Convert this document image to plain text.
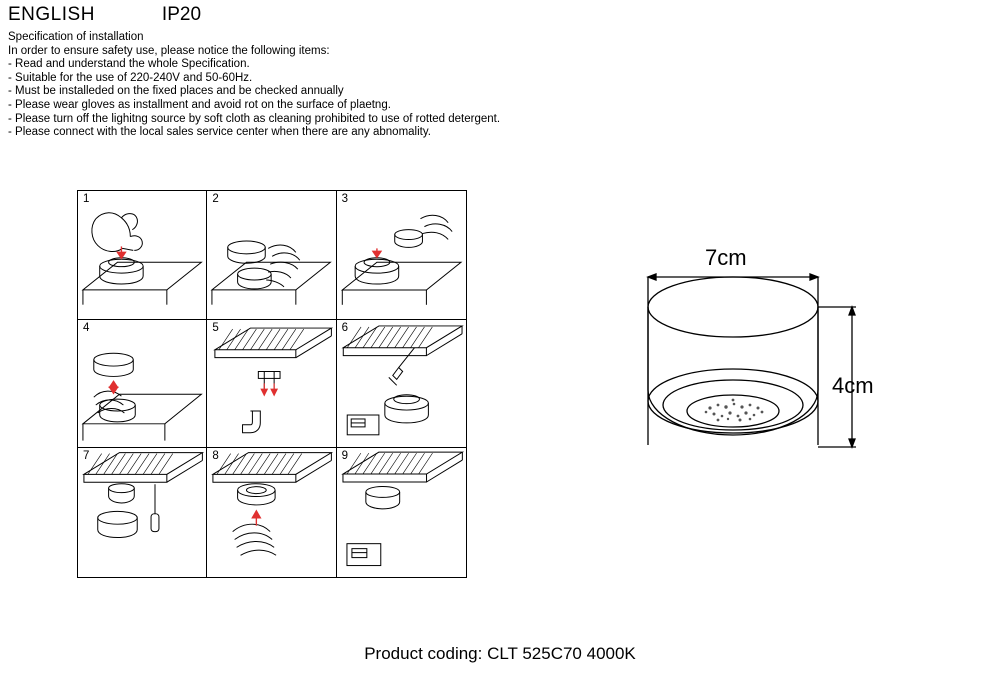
ENGLISH	IP20
Specification of installation
In order to ensure safety use, please notice the following items:
- Read and understand the whole Specification.
- Suitable for the use of 220-240V and 50-60Hz.
- Must be installeded on the fixed places and be checked annually
- Please wear gloves as installment and avoid rot on the surface of plaetng.
- Please turn off the lighitng source by soft cloth as cleaning prohibited to use of rotted detergent.
- Please connect with the local sales service center when there are any abnomality.
1	2	3
4	5	6
7	8	9
7cm
4cm
Product coding: CLT 525C70 4000K
